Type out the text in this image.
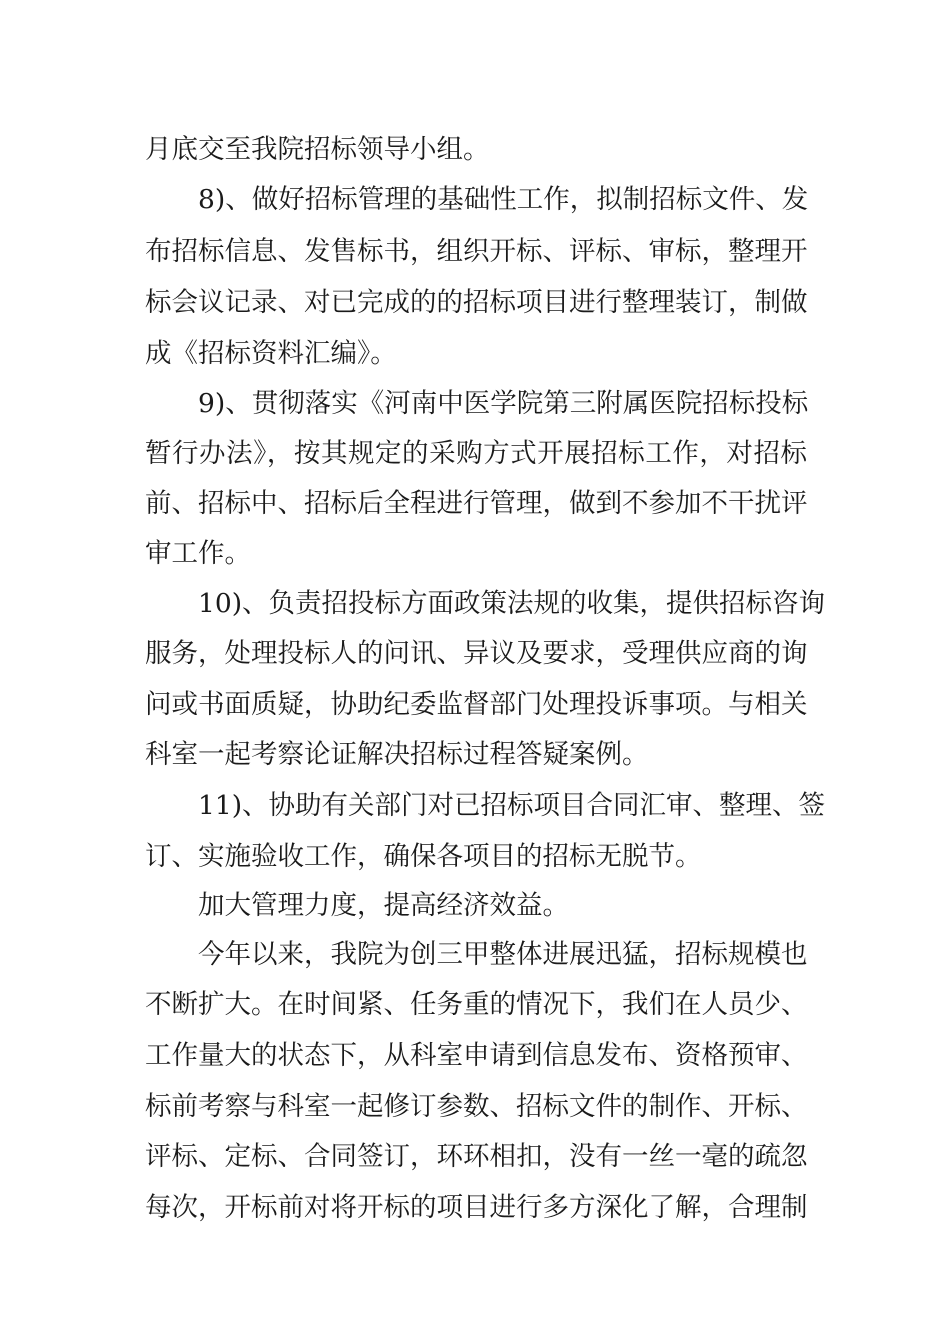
月底交至我院招标领导小组。
8)、做好招标管理的基础性工作，拟制招标文件、发
布招标信息、发售标书，组织开标、评标、审标，整理开
标会议记录、对已完成的的招标项目进行整理装订，制做
成《招标资料汇编》。
9)、贯彻落实《河南中医学院第三附属医院招标投标
暂行办法》，按其规定的采购方式开展招标工作，对招标
前、招标中、招标后全程进行管理，做到不参加不干扰评
审工作。
10)、负责招投标方面政策法规的收集，提供招标咨询
服务，处理投标人的问讯、异议及要求，受理供应商的询
问或书面质疑，协助纪委监督部门处理投诉事项。与相关
科室一起考察论证解决招标过程答疑案例。
11)、协助有关部门对已招标项目合同汇审、整理、签
订、实施验收工作，确保各项目的招标无脱节。
加大管理力度，提高经济效益。
今年以来，我院为创三甲整体进展迅猛，招标规模也
不断扩大。在时间紧、任务重的情况下，我们在人员少、
工作量大的状态下，从科室申请到信息发布、资格预审、
标前考察与科室一起修订参数、招标文件的制作、开标、
评标、定标、合同签订，环环相扣，没有一丝一毫的疏忽
每次，开标前对将开标的项目进行多方深化了解，合理制
